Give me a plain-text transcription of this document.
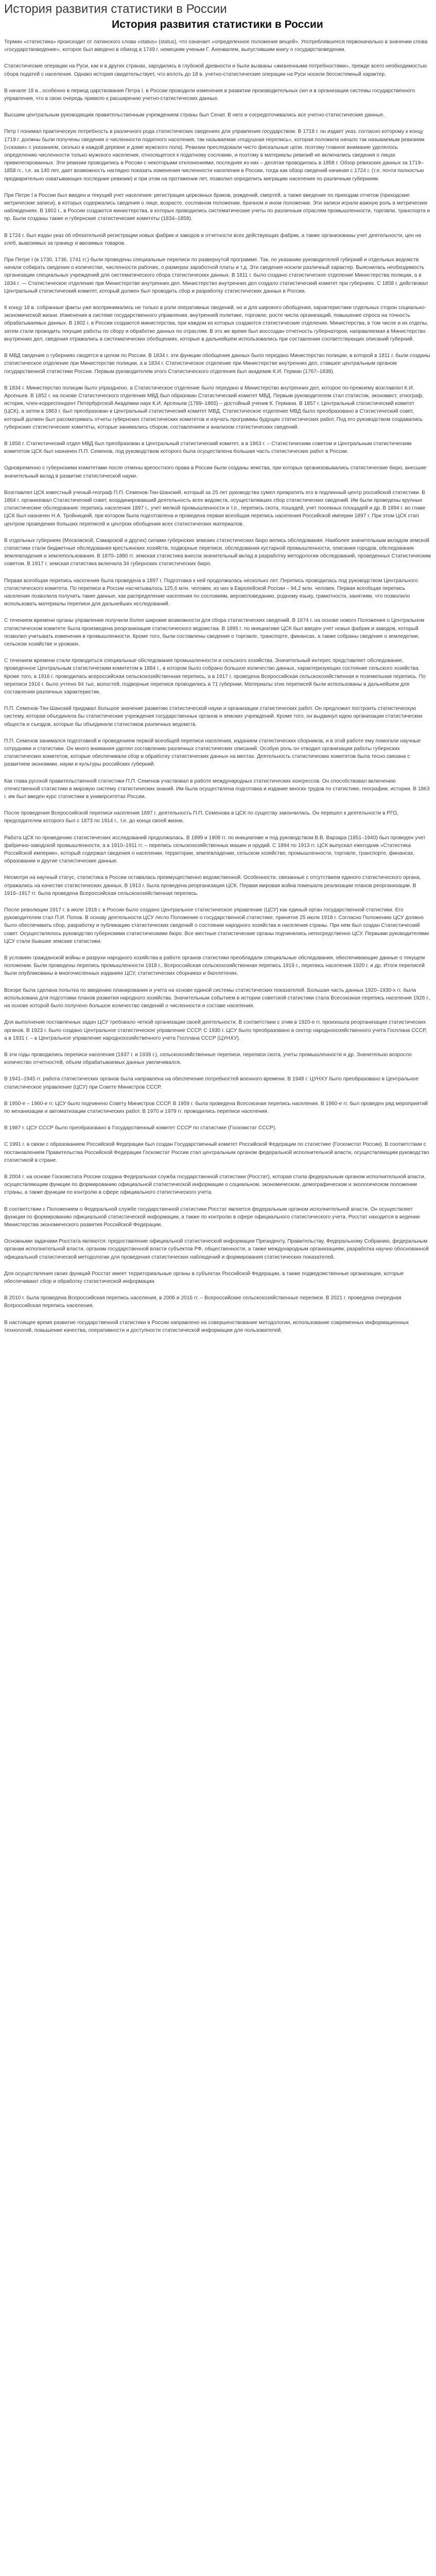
История развития статистики в России
История развития статистики в России

Термин «статистика» происходит от латинского слова «status» (status), что означает «определенное положение вещей». Употреблявшееся первоначально в значении слова «государствоведение», которое был введено в обиход в 1749 г. немецким ученым Г. Ахенвалем, выпустившим книгу о государствоведении.

Статистические операции на Руси, как и в других странах, зародились в глубокой древности и были вызваны «жизненными потребностями», прежде всего необходимостью сбора податей с населения. Однако история свидетельствует, что вплоть до 18 в. учетно-статистические операции на Руси носили бессистемный характер.

В начале 18 в., особенно в период царствования Петра I, в России проводили изменения в развитии производительных сил и в организации системы государственного управления, что в свою очередь привело к расширению учетно-статистических данных.

Высшим центральным руководящим правительственным учреждением страны был Сенат. В него и сосредоточивались все учетно-статистические данные.

Петр I понимал практическую потребность в различного рода статистических сведениях для управления государством. В 1718 г. он издает указ, согласно которому к концу 1719 г. должны были получены сведения о численности податного населения, так называемая «подушная перепись», которая положила начало так называемым ревизиям («сказки» с указанием, сколько в каждой деревне и доме мужского пола). Ревизии преследовали чисто фискальные цели, поэтому главное внимание уделялось определению численности только мужского населения, относящегося к податному сословию, и поэтому в материалы ревизий не включались сведения о лицах привилегированных. Эти ревизии проводились в России с некоторыми отклонениями, последняя из них – десятая проводилась в 1858 г. Обзор ревизских данных за 1719–1858 гг., т.е. за 140 лет, дает возможность наглядно показать изменения численности населения в России, тогда как обзор сведений начиная с 1724 г. (т.е. почти полностью предварительно охватывающих последние ревизии) и при этом на протяжении лет, позволил определить миграцию населения по различным губерниям.

При Петре I в России был введен и текущий учет населения: регистрация церковных браков, рождений, смертей, а также введение по приходам отчетов (приходские метрические записи), в которых содержались сведения о лице, возрасте, сословном положении, брачном и ином положении. Эти записи играли важную роль в метрических наблюдениях. В 1802 г., в России создаются министерства, в которых проводились систематические учеты по различным отраслям промышленности, торговли, транспорта и пр. Были созданы также и губернские статистические комитеты (1834–1858).

В 1724 г. был издан указ об обязательной регистрации новых фабрик и заводов и отчетности всех действующих фабрик, а также организованы учет деятельности, цен на хлеб, вывозимых за границу и ввозимых товаров.

При Петре I (в 1730, 1736, 1741 гг.) были проведены специальные переписи по развернутой программе. Так, по указанию руководителей губерний и отдельных ведомств начали собирать сведения о количестве, численности рабочих, о размерах заработной платы и т.д. Эти сведения носили различный характер. Выяснилась необходимость организации специальных учреждений для систематического сбора статистических данных. В 1811 г. было создано статистическое отделение Министерства полиции, а в 1834 г. — Статистическое отделение при Министерстве внутренних дел. Министерство внутренних дел создало статистический комитет при губерниях. С 1858 г. действовал Центральный статистический комитет, который должен был проводить сбор и разработку статистических данных в России.

К концу 18 в. собранные факты уже воспринимались не только в роли оперативных сведений, но и для широкого обобщения, характеристики отдельных сторон социально-экономической жизни. Изменения в системе государственного управления, внутренней политике, торговле, росте числа организаций, повышение спроса на точность обрабатываемых данных. В 1802 г. в России создаются министерства, при каждом из которых создаются статистические отделения. Министерства, в том числе и их отделы, затем стали проводить текущие работы по сбору и обработке данных по отраслям. В это же время был воссоздан отчетность губернаторов, направляемая в Министерство внутренних дел, сведения отражались в систематических обобщениях, которые в дальнейшем использовались при составлении соответствующих описаний губерний.

В МВД сведения о губерниях сводятся в целом по России. В 1834 г. эти функции обобщения данных было передано Министерство полиции, в которой в 1811 г. были созданы статистическое отделение при Министерстве полиции, а в 1834 г. Статистическое отделение при Министерстве внутренних дел, ставшее центральным органом государственной статистики России. Первым руководителем этого Статистического отделения был академик К.И. Герман (1767–1838).

В 1834 г. Министерство полиции было упразднено, а Статистическое отделение было передано в Министерство внутренних дел, которое по-прежнему возглавлял К.И. Арсеньев. В 1852 г. на основе Статистического отделения МВД был образован Статистический комитет МВД. Первым руководителем стал статистик, экономист, этнограф, историк, член-корреспондент Петербургской Академии наук К.И. Арсеньев (1789–1865) – достойный ученик К. Германа. В 1857 г. Центральный статистический комитет (ЦСК), а затем в 1863 г. был преобразован в Центральный статистический комитет МВД. Статистическое отделение МВД было преобразовано в Статистический совет, который должен был рассматривать отчеты губернских статистических комитетов и изучать программы будущих статистических работ. Под его руководством создавались губернские статистические комитеты, которые занимались сбором, составлением и анализом статистических сведений.

В 1858 г. Статистический отдел МВД был преобразован в Центральный статистический комитет, а в 1863 г. – Статистическим советом и Центральным статистическим комитетом ЦСК был назначен П.П. Семенов, под руководством которого была осуществлена большая часть статистических работ в России.

Одновременно с губернскими комитетами после отмены крепостного права в России были созданы земства, при которых организовывались статистические бюро, внесшие значительный вклад в развитие статистической науки.

Возглавлял ЦСК известный ученый-географ П.П. Семенов-Тян-Шанский, который за 25 лет руководства сумел превратить его в подлинный центр российской статистики. В 1864 г. организовал Статистический совет, координировавший деятельность всех ведомств, осуществлявших сбор статистических сведений. Им были проведены крупные статистические обследования: перепись населения 1897 г., учет мелкой промышленности и т.п., перепись скота, лошадей, учет посевных площадей и др. В 1894 г. во главе ЦСК был назначен Н.А. Тройницкий, при котором была подготовлена и проведена первая всеобщая перепись населения Российской империи 1897 г. При этом ЦСК стал центром проведения больших переписей и центром обобщения всех статистических материалов.

В отдельных губерниях (Московской, Самарской и других) силами губернских земских статистических бюро велись обследования. Наиболее значительным вкладом земской статистики стали бюджетные обследования крестьянских хозяйств, подворные переписи, обследования кустарной промышленности, описания городов, обследования землевладения и землепользования. В 1870–1880 гг. земская статистика внесла значительный вклад в разработку методологии обследований, проведенных Статистическим советом. В 1917 г. земская статистика включала 34 губернских статистических бюро.

Первая всеобщая перепись населения была проведена в 1897 г. Подготовка к ней продолжалась несколько лет. Перепись проводилась под руководством Центрального статистического комитета. По переписи в России насчитывалось 125,6 млн. человек, из них в Европейской России – 94,2 млн. человек. Первая всеобщая перепись населения позволила получить такие данные, как распределение населения по сословиям, вероисповеданию, родному языку, грамотности, занятиям, что позволило использовать материалы переписи для дальнейших исследований.

С течением времени органы управления получили более широкие возможности для сбора статистических сведений. В 1874 г. на основе нового Положения о Центральном статистическом комитете была произведена реорганизация статистического ведомства. В 1895 г. по инициативе ЦСК был введен учет новых фабрик и заводов, который позволил учитывать изменения в промышленности. Кроме того, были составлены сведения о торговле, транспорте, финансах, а также собраны сведения о земледелии, сельском хозяйстве и урожаях.

С течением времени стали проводиться специальные обследования промышленности и сельского хозяйства. Значительный интерес представляет обследование, проведенное Центральным статистическим комитетом в 1884 г., в котором было собрано большое количество данных, характеризующих состояние сельского хозяйства. Кроме того, в 1916 г. проводилась всероссийская сельскохозяйственная перепись, а в 1917 г. проведена Всероссийская сельскохозяйственная и поземельная перепись. По переписи 1916 г. было учтено 94 тыс. волостей, подворные переписи проводились в 71 губернии. Материалы этих переписей были использованы в дальнейшем для составления различных характеристик.

П.П. Семенов-Тян-Шанский придавал большое значение развитию статистической науки и организации статистических работ. Он предложил построить статистическую систему, которая объединяла бы статистические учреждения государственных органов и земских учреждений. Кроме того, он выдвинул идею организации статистических обществ и съездов, которые бы объединяли статистиков различных ведомств.

П.П. Семенов занимался подготовкой и проведением первой всеобщей переписи населения, изданием статистических сборников, и в этой работе ему помогали научные сотрудники и статистики. Он много внимания уделял составлению различных статистических описаний. Особую роль он отводил организации работы губернских статистических комитетов, которые обеспечивали сбор и обработку статистических данных на местах. Деятельность статистических комитетов была тесно связана с развитием экономики, науки и культуры российских губерний.

Как глава русской правительственной статистики П.П. Семенов участвовал в работе международных статистических конгрессов. Он способствовал включению отечественной статистики в мировую систему статистических знаний. Им была осуществлена подготовка и издание многих трудов по статистике, географии, истории. В 1863 г. им был введен курс статистики в университетах России.

После проведения Всероссийской переписи населения 1897 г. деятельность П.П. Семенова в ЦСК по существу закончилась. Он перешел к деятельности в РГО, председателем которого был с 1873 по 1914 г., т.е. до конца своей жизни.

Работа ЦСК по проведению статистических исследований продолжалась. В 1899 и 1908 гг. по инициативе и под руководством В.В. Варзара (1851–1940) был проведен учет фабрично-заводской промышленности, а в 1910–1911 гг. – перепись сельскохозяйственных машин и орудий. С 1894 по 1913 гг. ЦСК выпускал ежегодник «Статистика Российской империи», который содержал сведения о населении, территории, землевладении, сельском хозяйстве, промышленности, торговле, транспорте, финансах, образовании и другие статистические данные.

Несмотря на научный статус, статистика в России оставалась преимущественно ведомственной. Особенности, связанные с отсутствием единого статистического органа, отражались на качестве статистических данных. В 1913 г. была проведена реорганизация ЦСК. Первая мировая война помешала реализации планов реорганизации. В 1916–1917 гг. была проведена Всероссийская сельскохозяйственная перепись.

После революции 1917 г. в июле 1918 г. в России было создано Центральное статистическое управление (ЦСУ) как единый орган государственной статистики. Его руководителем стал П.И. Попов. В основу деятельности ЦСУ легло Положение о государственной статистике, принятое 25 июля 1918 г. Согласно Положению ЦСУ должно было обеспечивать сбор, разработку и публикацию статистических сведений о состоянии народного хозяйства и населения страны. При нем был создан Статистический совет. Осуществлялось руководство губернскими статистическими бюро. Все местные статистические органы подчинялись непосредственно ЦСУ. Первыми руководителями ЦСУ стали бывшие земские статистики.

В условиях гражданской войны и разрухи народного хозяйства в работе органов статистики преобладали специальные обследования, обеспечивающие данные о текущем положении. Были проведены перепись промышленности 1918 г., Всероссийская сельскохозяйственная перепись 1919 г., перепись населения 1920 г. и др. Итоги переписей были опубликованы в многочисленных изданиях ЦСУ, статистических сборниках и бюллетенях.

Вскоре была сделана попытка по введению планирования и учета на основе единой системы статистических показателей. Большая часть данных 1920–1930-х гг. была использована для подготовки планов развития народного хозяйства. Значительным событием в истории советской статистики стала Всесоюзная перепись населения 1926 г., на основе которой было получено большое количество сведений о численности и составе населения.

Для выполнения поставленных задач ЦСУ требовало четкой организации своей деятельности. В соответствии с этим в 1920-е гг. произошла реорганизация статистических органов. В 1923 г. было создано Центральное статистическое управление СССР. С 1930 г. ЦСУ было преобразовано в сектор народнохозяйственного учета Госплана СССР, а в 1931 г. – в Центральное управление народнохозяйственного учета Госплана СССР (ЦУНХУ).

В эти годы проводились переписи населения (1937 г. и 1939 г.), сельскохозяйственные переписи, переписи скота, учеты промышленности и др. Значительно возросло количество отчетностей, объем обрабатываемых данных увеличивался.

В 1941–1945 гг. работа статистических органов была направлена на обеспечение потребностей военного времени. В 1948 г. ЦУНХУ было преобразовано в Центральное статистическое управление (ЦСУ) при Совете Министров СССР.

В 1950-е – 1960-е гг. ЦСУ было подчинено Совету Министров СССР. В 1959 г. была проведена Всесоюзная перепись населения. В 1960-е гг. был проведен ряд мероприятий по механизации и автоматизации статистических работ. В 1970 и 1979 гг. проводились переписи населения.

В 1987 г. ЦСУ СССР было преобразовано в Государственный комитет СССР по статистике (Госкомстат СССР).

С 1991 г. в связи с образованием Российской Федерации был создан Государственный комитет Российской Федерации по статистике (Госкомстат России). В соответствии с постановлением Правительства Российской Федерации Госкомстат России стал центральным органом федеральной исполнительной власти, осуществляющим руководство статистикой в стране.

В 2004 г. на основе Госкомстата России создана Федеральная служба государственной статистики (Росстат), которая стала федеральным органом исполнительной власти, осуществляющим функции по формированию официальной статистической информации о социальном, экономическом, демографическом и экологическом положении страны, а также функции по контролю в сфере официального статистического учета.

В соответствии с Положением о Федеральной службе государственной статистики Росстат является федеральным органом исполнительной власти. Он осуществляет функции по формированию официальной статистической информации, а также по контролю в сфере официального статистического учета. Росстат находится в ведении Министерства экономического развития Российской Федерации.

Основными задачами Росстата являются: предоставление официальной статистической информации Президенту, Правительству, Федеральному Собранию, федеральным органам исполнительной власти, органам государственной власти субъектов РФ, общественности, а также международным организациям; разработка научно обоснованной официальной статистической методологии для проведения статистических наблюдений и формирования статистических показателей.

Для осуществления своих функций Росстат имеет территориальные органы в субъектах Российской Федерации, а также подведомственные организации, которые обеспечивают сбор и обработку статистической информации.

В 2010 г. была проведена Всероссийская перепись населения, в 2006 и 2016 гг. – Всероссийские сельскохозяйственные переписи. В 2021 г. проведена очередная Всероссийская перепись населения.

В настоящее время развитие государственной статистики в России направлено на совершенствование методологии, использование современных информационных технологий, повышение качества, оперативности и доступности статистической информации для пользователей.
